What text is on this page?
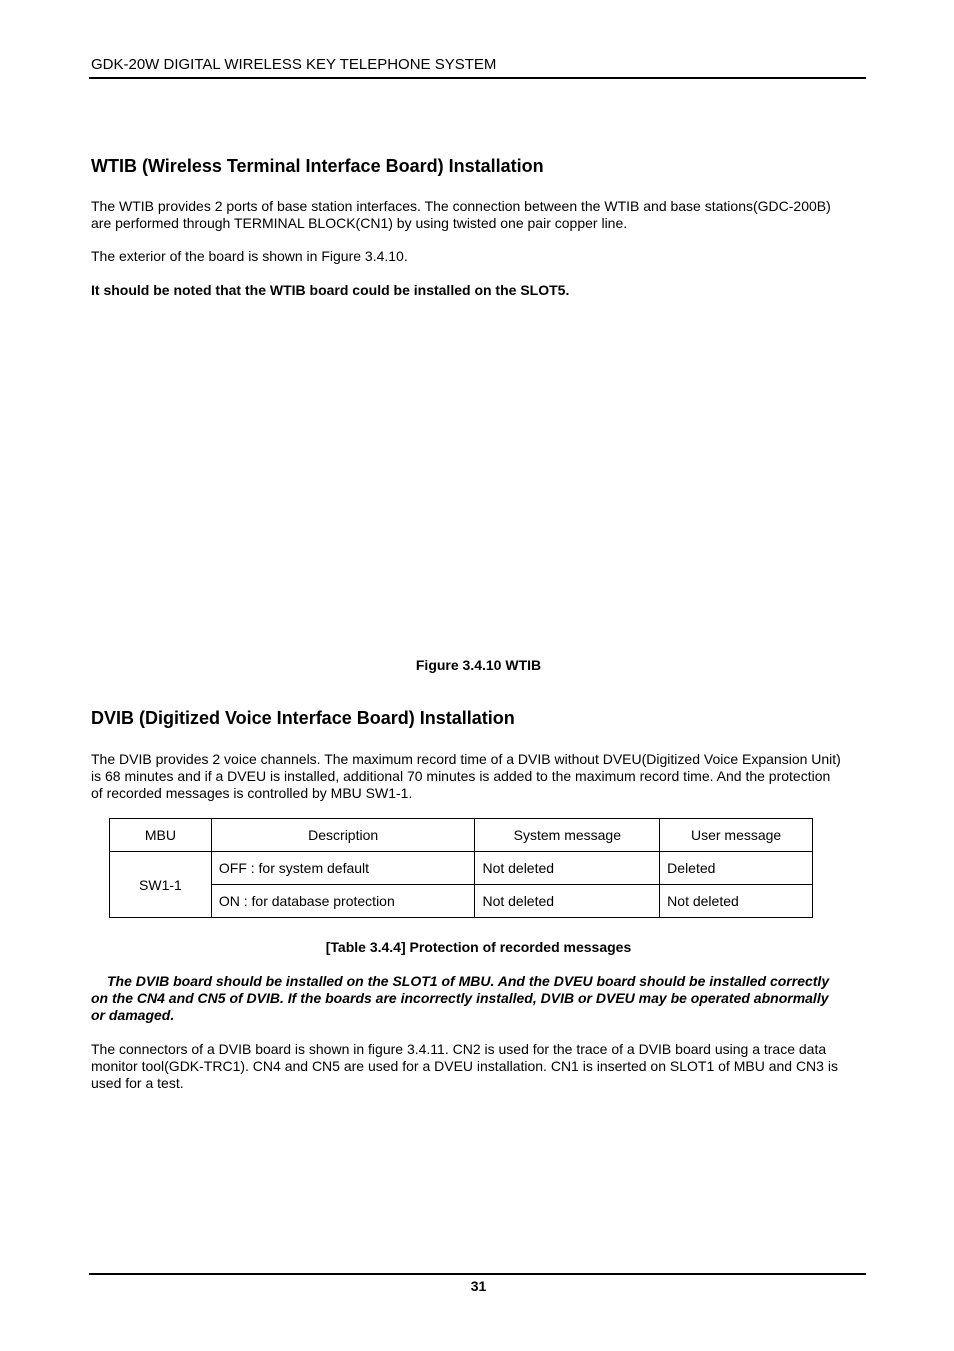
GDK-20W DIGITAL WIRELESS KEY TELEPHONE SYSTEM
WTIB (Wireless Terminal Interface Board) Installation
The WTIB provides 2 ports of base station interfaces. The connection between the WTIB and base stations(GDC-200B)
are performed through TERMINAL BLOCK(CN1) by using twisted one pair copper line.
The exterior of the board is shown in Figure 3.4.10.
It should be noted that the WTIB board could be installed on the SLOT5.
Figure 3.4.10 WTIB
DVIB (Digitized Voice Interface Board) Installation
The DVIB provides 2 voice channels. The maximum record time of a DVIB without DVEU(Digitized Voice Expansion Unit)
is 68 minutes and if a DVEU is installed, additional 70 minutes is added to the maximum record time. And the protection
of recorded messages is controlled by MBU SW1-1.
MBU	Description	System message	User message
SW1-1	OFF : for system default	Not deleted	Deleted
	ON : for database protection	Not deleted	Not deleted
[Table 3.4.4] Protection of recorded messages
The DVIB board should be installed on the SLOT1 of MBU. And the DVEU board should be installed correctly
on the CN4 and CN5 of DVIB. If the boards are incorrectly installed, DVIB or DVEU may be operated abnormally
or damaged.
The connectors of a DVIB board is shown in figure 3.4.11. CN2 is used for the trace of a DVIB board using a trace data
monitor tool(GDK-TRC1). CN4 and CN5 are used for a DVEU installation. CN1 is inserted on SLOT1 of MBU and CN3 is
used for a test.
31
